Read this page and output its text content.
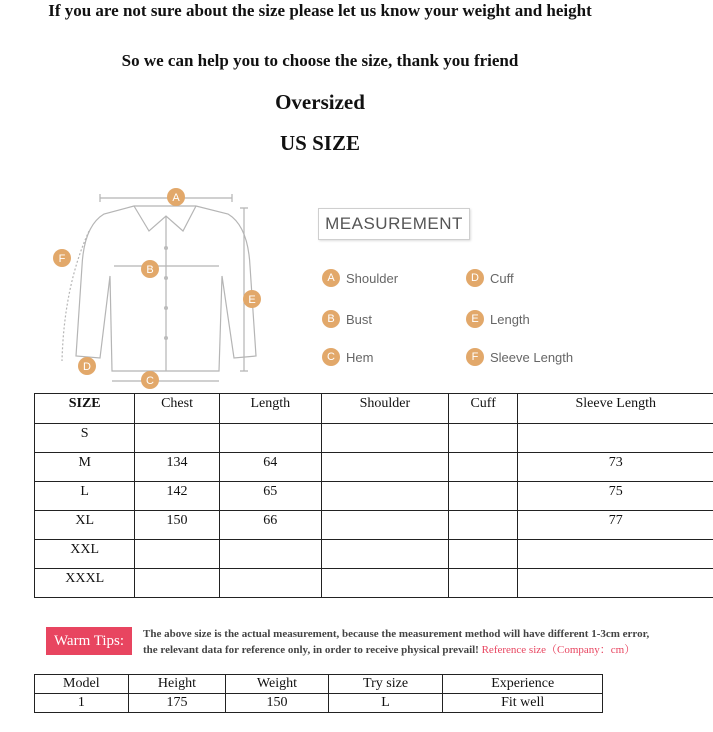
If you are not sure about the size please let us know your weight and height
So we can help you to choose the size, thank you friend
Oversized
US SIZE
A
B
C
D
E
F
MEASUREMENT
A Shoulder
B Bust
C Hem
D Cuff
E Length
F Sleeve Length
SIZE	Chest	Length	Shoulder	Cuff	Sleeve Length
S					
M	134	64			73
L	142	65			75
XL	150	66			77
XXL					
XXXL					
Warm Tips:	The above size is the actual measurement, because the measurement method will have different 1-3cm error,
the relevant data for reference only, in order to receive physical prevail! Reference size（Company：cm）
Model	Height	Weight	Try size	Experience
1	175	150	L	Fit well
